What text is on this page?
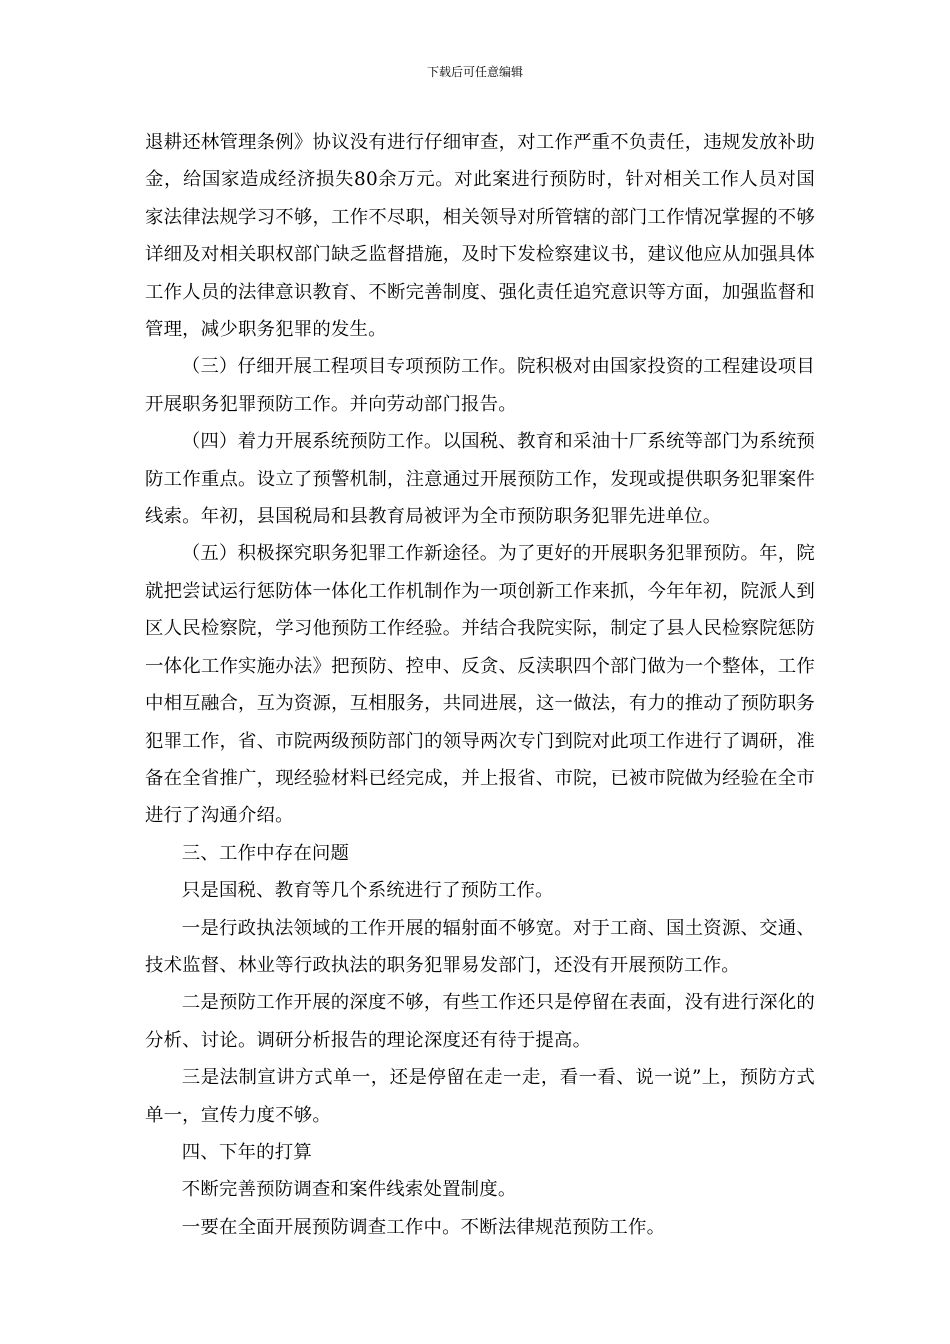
下载后可任意编辑

退耕还林管理条例》协议没有进行仔细审查，对工作严重不负责任，违规发放补助金，给国家造成经济损失80余万元。对此案进行预防时，针对相关工作人员对国家法律法规学习不够，工作不尽职，相关领导对所管辖的部门工作情况掌握的不够详细及对相关职权部门缺乏监督措施，及时下发检察建议书，建议他应从加强具体工作人员的法律意识教育、不断完善制度、强化责任追究意识等方面，加强监督和管理，减少职务犯罪的发生。

（三）仔细开展工程项目专项预防工作。院积极对由国家投资的工程建设项目开展职务犯罪预防工作。并向劳动部门报告。

（四）着力开展系统预防工作。以国税、教育和采油十厂系统等部门为系统预防工作重点。设立了预警机制，注意通过开展预防工作，发现或提供职务犯罪案件线索。年初，县国税局和县教育局被评为全市预防职务犯罪先进单位。

（五）积极探究职务犯罪工作新途径。为了更好的开展职务犯罪预防。年，院就把尝试运行惩防体一体化工作机制作为一项创新工作来抓，今年年初，院派人到区人民检察院，学习他预防工作经验。并结合我院实际，制定了县人民检察院惩防一体化工作实施办法》把预防、控申、反贪、反渎职四个部门做为一个整体，工作中相互融合，互为资源，互相服务，共同进展，这一做法，有力的推动了预防职务犯罪工作，省、市院两级预防部门的领导两次专门到院对此项工作进行了调研，准备在全省推广，现经验材料已经完成，并上报省、市院，已被市院做为经验在全市进行了沟通介绍。

三、工作中存在问题

只是国税、教育等几个系统进行了预防工作。

一是行政执法领域的工作开展的辐射面不够宽。对于工商、国土资源、交通、技术监督、林业等行政执法的职务犯罪易发部门，还没有开展预防工作。

二是预防工作开展的深度不够，有些工作还只是停留在表面，没有进行深化的分析、讨论。调研分析报告的理论深度还有待于提高。

三是法制宣讲方式单一，还是停留在走一走，看一看、说一说”上，预防方式单一，宣传力度不够。

四、下年的打算

不断完善预防调查和案件线索处置制度。

一要在全面开展预防调查工作中。不断法律规范预防工作。
